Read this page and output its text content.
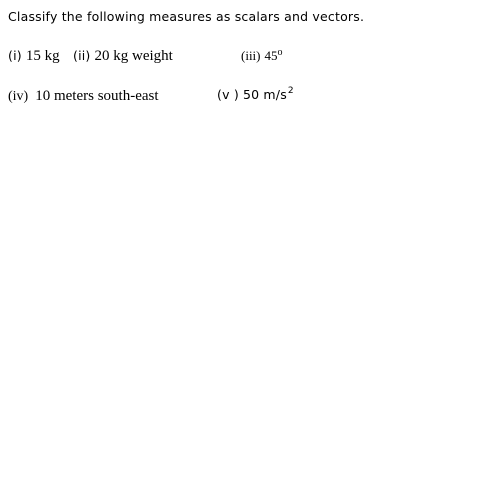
Classify the following measures as scalars and vectors.
(i) 15 kg (ii) 20 kg weight	(iii) 45$^o$
(iv) 10 meters south-east	(v ) 50 $m/s^2$
